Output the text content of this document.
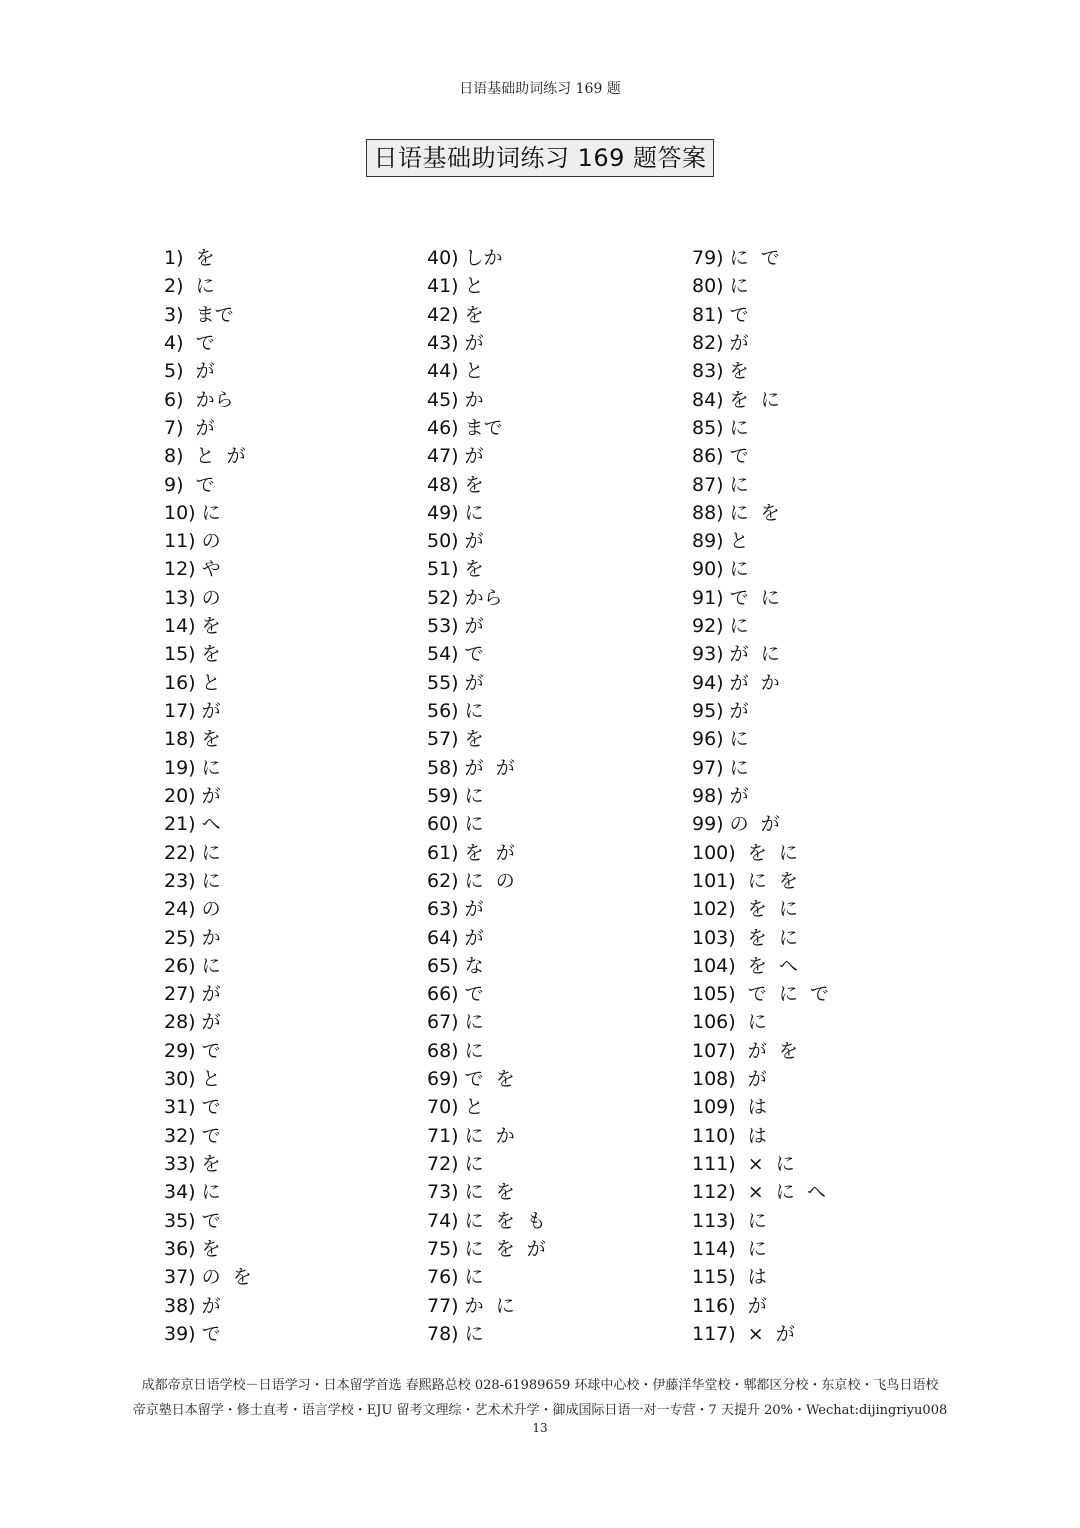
日语基础助词练习 169 题
日语基础助词练习 169 题答案
1)  を
2)  に
3)  まで
4)  で
5)  が
6)  から
7)  が
8)  と  が
9)  で
10) に
11) の
12) や
13) の
14) を
15) を
16) と
17) が
18) を
19) に
20) が
21) へ
22) に
23) に
24) の
25) か
26) に
27) が
28) が
29) で
30) と
31) で
32) で
33) を
34) に
35) で
36) を
37) の  を
38) が
39) で
40) しか
41) と
42) を
43) が
44) と
45) か
46) まで
47) が
48) を
49) に
50) が
51) を
52) から
53) が
54) で
55) が
56) に
57) を
58) が  が
59) に
60) に
61) を  が
62) に  の
63) が
64) が
65) な
66) で
67) に
68) に
69) で  を
70) と
71) に  か
72) に
73) に  を
74) に  を  も
75) に  を  が
76) に
77) か  に
78) に
79) に  で
80) に
81) で
82) が
83) を
84) を  に
85) に
86) で
87) に
88) に  を
89) と
90) に
91) で  に
92) に
93) が  に
94) が  か
95) が
96) に
97) に
98) が
99) の  が
100)  を  に
101)  に  を
102)  を  に
103)  を  に
104)  を  へ
105)  で  に  で
106)  に
107)  が  を
108)  が
109)  は
110)  は
111)  ×  に
112)  ×  に  へ
113)  に
114)  に
115)  は
116)  が
117)  ×  が
成都帝京日语学校－日语学习・日本留学首选 春熙路总校 028-61989659 环球中心校・伊藤洋华堂校・郫都区分校・东京校・飞鸟日语校
帝京塾日本留学・修士直考・语言学校・EJU 留考文理综・艺术术升学・御成国际日语一对一专营・7 天提升 20%・Wechat:dijingriyu008
13
